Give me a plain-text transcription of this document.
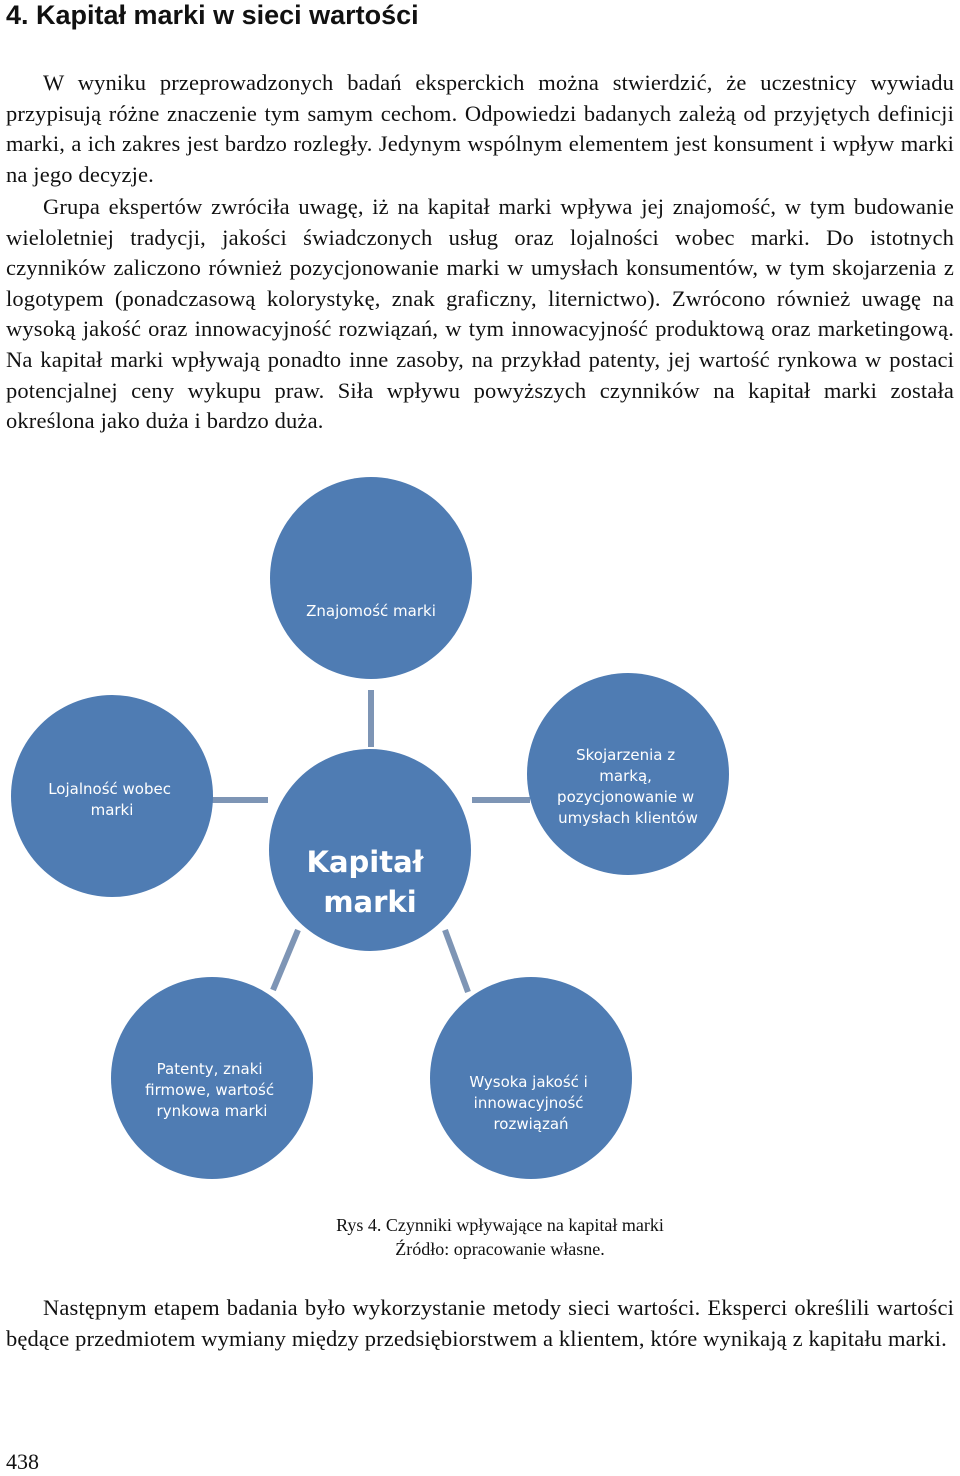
4. Kapitał marki w sieci wartości

W wyniku przeprowadzonych badań eksperckich można stwierdzić, że uczestnicy wywiadu przypisują różne znaczenie tym samym cechom. Odpowiedzi badanych zależą od przyjętych definicji marki, a ich zakres jest bardzo rozległy. Jedynym wspólnym elementem jest konsument i wpływ marki na jego decyzje.

Grupa ekspertów zwróciła uwagę, iż na kapitał marki wpływa jej znajomość, w tym budowanie wieloletniej tradycji, jakości świadczonych usług oraz lojalności wobec marki. Do istotnych czynników zaliczono również pozycjonowanie marki w umysłach konsumentów, w tym skojarzenia z logotypem (ponadczasową kolorystykę, znak graficzny, liternictwo). Zwrócono również uwagę na wysoką jakość oraz innowacyjność rozwiązań, w tym innowacyjność produktową oraz marketingową. Na kapitał marki wpływają ponadto inne zasoby, na przykład patenty, jej wartość rynkowa w postaci potencjalnej ceny wykupu praw. Siła wpływu powyższych czynników na kapitał marki została określona jako duża i bardzo duża.

Znajomość marki
Lojalność wobec marki
Skojarzenia z marką, pozycjonowanie w umysłach klientów
Kapitał marki
Patenty, znaki firmowe, wartość rynkowa marki
Wysoka jakość i innowacyjność rozwiązań

Rys 4. Czynniki wpływające na kapitał marki

Źródło: opracowanie własne.

Następnym etapem badania było wykorzystanie metody sieci wartości. Eksperci określili wartości będące przedmiotem wymiany między przedsiębiorstwem a klientem, które wynikają z kapitału marki.

438
